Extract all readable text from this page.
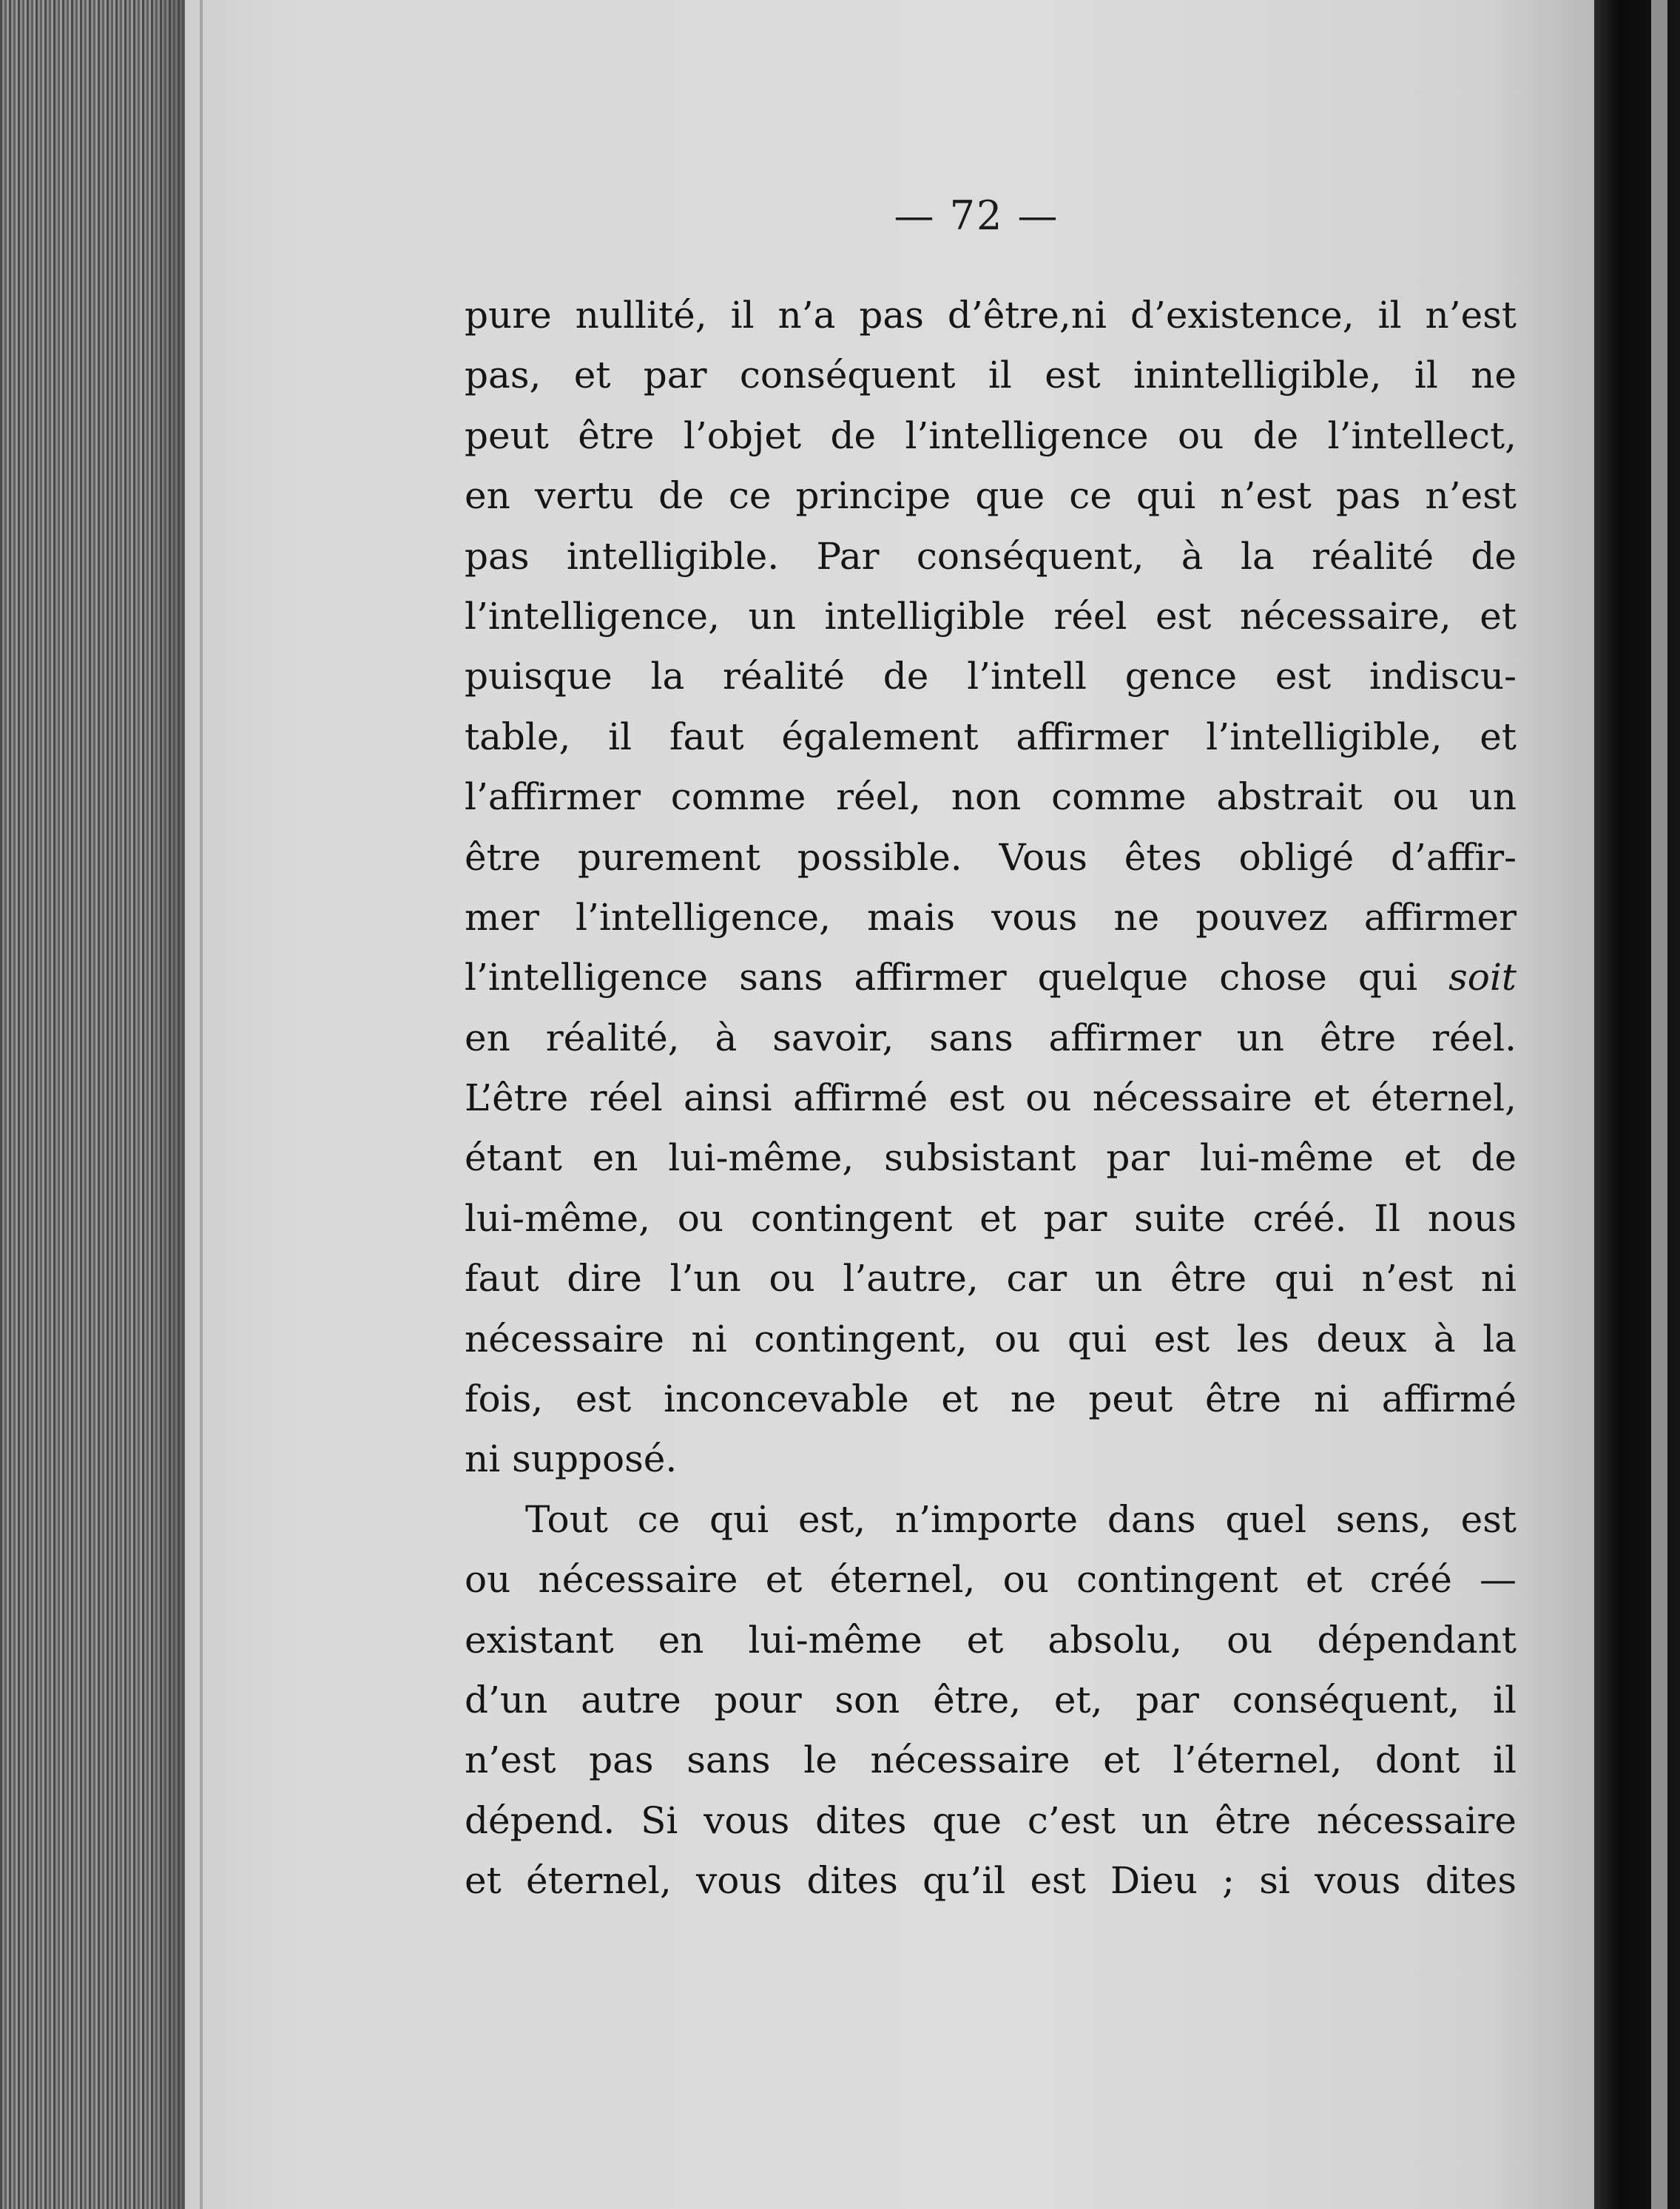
— 72 —
pure nullité, il n’a pas d’être,ni d’existence, il n’est
pas, et par conséquent il est inintelligible, il ne
peut être l’objet de l’intelligence ou de l’intellect,
en vertu de ce principe que ce qui n’est pas n’est
pas intelligible. Par conséquent, à la réalité de
l’intelligence, un intelligible réel est nécessaire, et
puisque la réalité de l’intell gence est indiscu-
table, il faut également affirmer l’intelligible, et
l’affirmer comme réel, non comme abstrait ou un
être purement possible. Vous êtes obligé d’affir-
mer l’intelligence, mais vous ne pouvez affirmer
l’intelligence sans affirmer quelque chose qui soit
en réalité, à savoir, sans affirmer un être réel.
L’être réel ainsi affirmé est ou nécessaire et éternel,
étant en lui-même, subsistant par lui-même et de
lui-même, ou contingent et par suite créé. Il nous
faut dire l’un ou l’autre, car un être qui n’est ni
nécessaire ni contingent, ou qui est les deux à la
fois, est inconcevable et ne peut être ni affirmé
ni supposé.
Tout ce qui est, n’importe dans quel sens, est
ou nécessaire et éternel, ou contingent et créé —
existant en lui-même et absolu, ou dépendant
d’un autre pour son être, et, par conséquent, il
n’est pas sans le nécessaire et l’éternel, dont il
dépend. Si vous dites que c’est un être nécessaire
et éternel, vous dites qu’il est Dieu ; si vous dites
